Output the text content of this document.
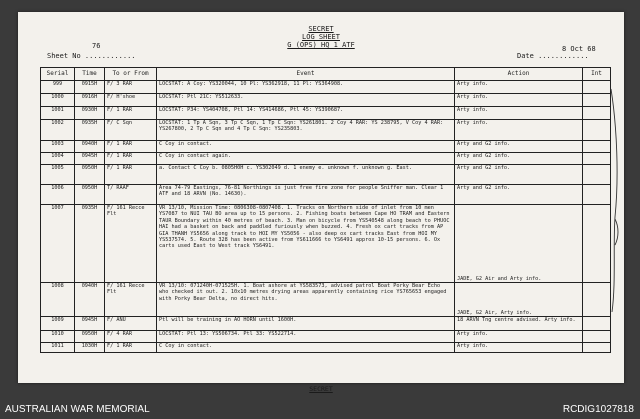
SECRET
LOG SHEET
G (OPS) HQ 1 ATF
Sheet No ............
76
Date ............
8 Oct 68
Serial	Time	To or From	Event	Action	Int
999	0915H	F/ 3 RAR	LOCSTAT: A Coy: YS320044, 10 Pl: YS362918, 11 Pl: YS364908.	Arty info.	
1000	0916H	F/ H'shoe	LOCSTAT: Ptl 21C: YS512633.	Arty info.	
1001	0930H	F/ 1 RAR	LOCSTAT: P34: YS404708, Ptl 14: YS414686, Ptl 45: YS390687.	Arty info.	
1002	0935H	F/ C Sqn	LOCSTAT: 1 Tp A Sqn, 3 Tp C Sqn, 1 Tp C Sqn: YS261801. 2 Coy 4 RAR: YS 238795, V Coy 4 RAR: YS267800, 2 Tp C Sqn and 4 Tp C Sqn: YS235803.	Arty info.	
1003	0940H	F/ 1 RAR	C Coy in contact.	Arty and G2 info.	
1004	0945H	F/ 1 RAR	C Coy in contact again.	Arty and G2 info.	
1005	0950H	F/ 1 RAR	a. Contact C Coy b. 0805H0H c. YS302049 d. 1 enemy e. unknown f. unknown g. East.	Arty and G2 info.	
1006	0950H	T/ RAAF	Area 74-79 Eastings, 76-81 Northings is just free fire zone for people Sniffer man. Clear 1 ATF and 18 ARVN (No. 14630).	Arty and G2 info.	
1007	0935H	F/ 161 Recce Flt	VR 13/10, Mission Time: 0806308-0807408. 1. Tracks on Northern side of inlet from 10 men YS7087 to NUI TAU BO area up to 15 persons. 2. Fishing boats between Cape HO TRAM and Eastern TAUR Boundary within 40 metres of beach. 3. Man on bicycle from YS540548 along beach to PHUOC HAI had a basket on back and paddled furiously when buzzed. 4. Fresh ox cart tracks from AP GIA THANH YS5656 along track to HOI MY YS5056 - also deep ox cart tracks East from HOI MY YS537574. 5. Route 328 has been active from YS611666 to YS6491 approx 10-15 persons. 6. Ox carts used East to West track YS6491.	JADE, G2 Air and Arty info.	
1008	0940H	F/ 161 Recce Flt	VR 13/10: 071240H-071525H. 1. Boat ashore at YS583573, advised patrol Boat Porky Bear Echo who checked it out. 2. 10x10 metres drying areas apparently containing rice YS765653 engaged with Porky Bear Delta, no direct hits.	JADE, G2 Air, Arty info.	
1009	0945H	F/ ANU	Ptl will be training in AO HORN until 1600H.	18 ARVN Tng centre advised. Arty info.	
1010	0950H	F/ 4 RAR	LOCSTAT: Ptl 13: YS506734. Ptl 33: YS522714.	Arty info.	
1011	1030H	F/ 1 RAR	C Coy in contact.	Arty info.	
SECRET
AUSTRALIAN WAR MEMORIAL	RCDIG1027818
